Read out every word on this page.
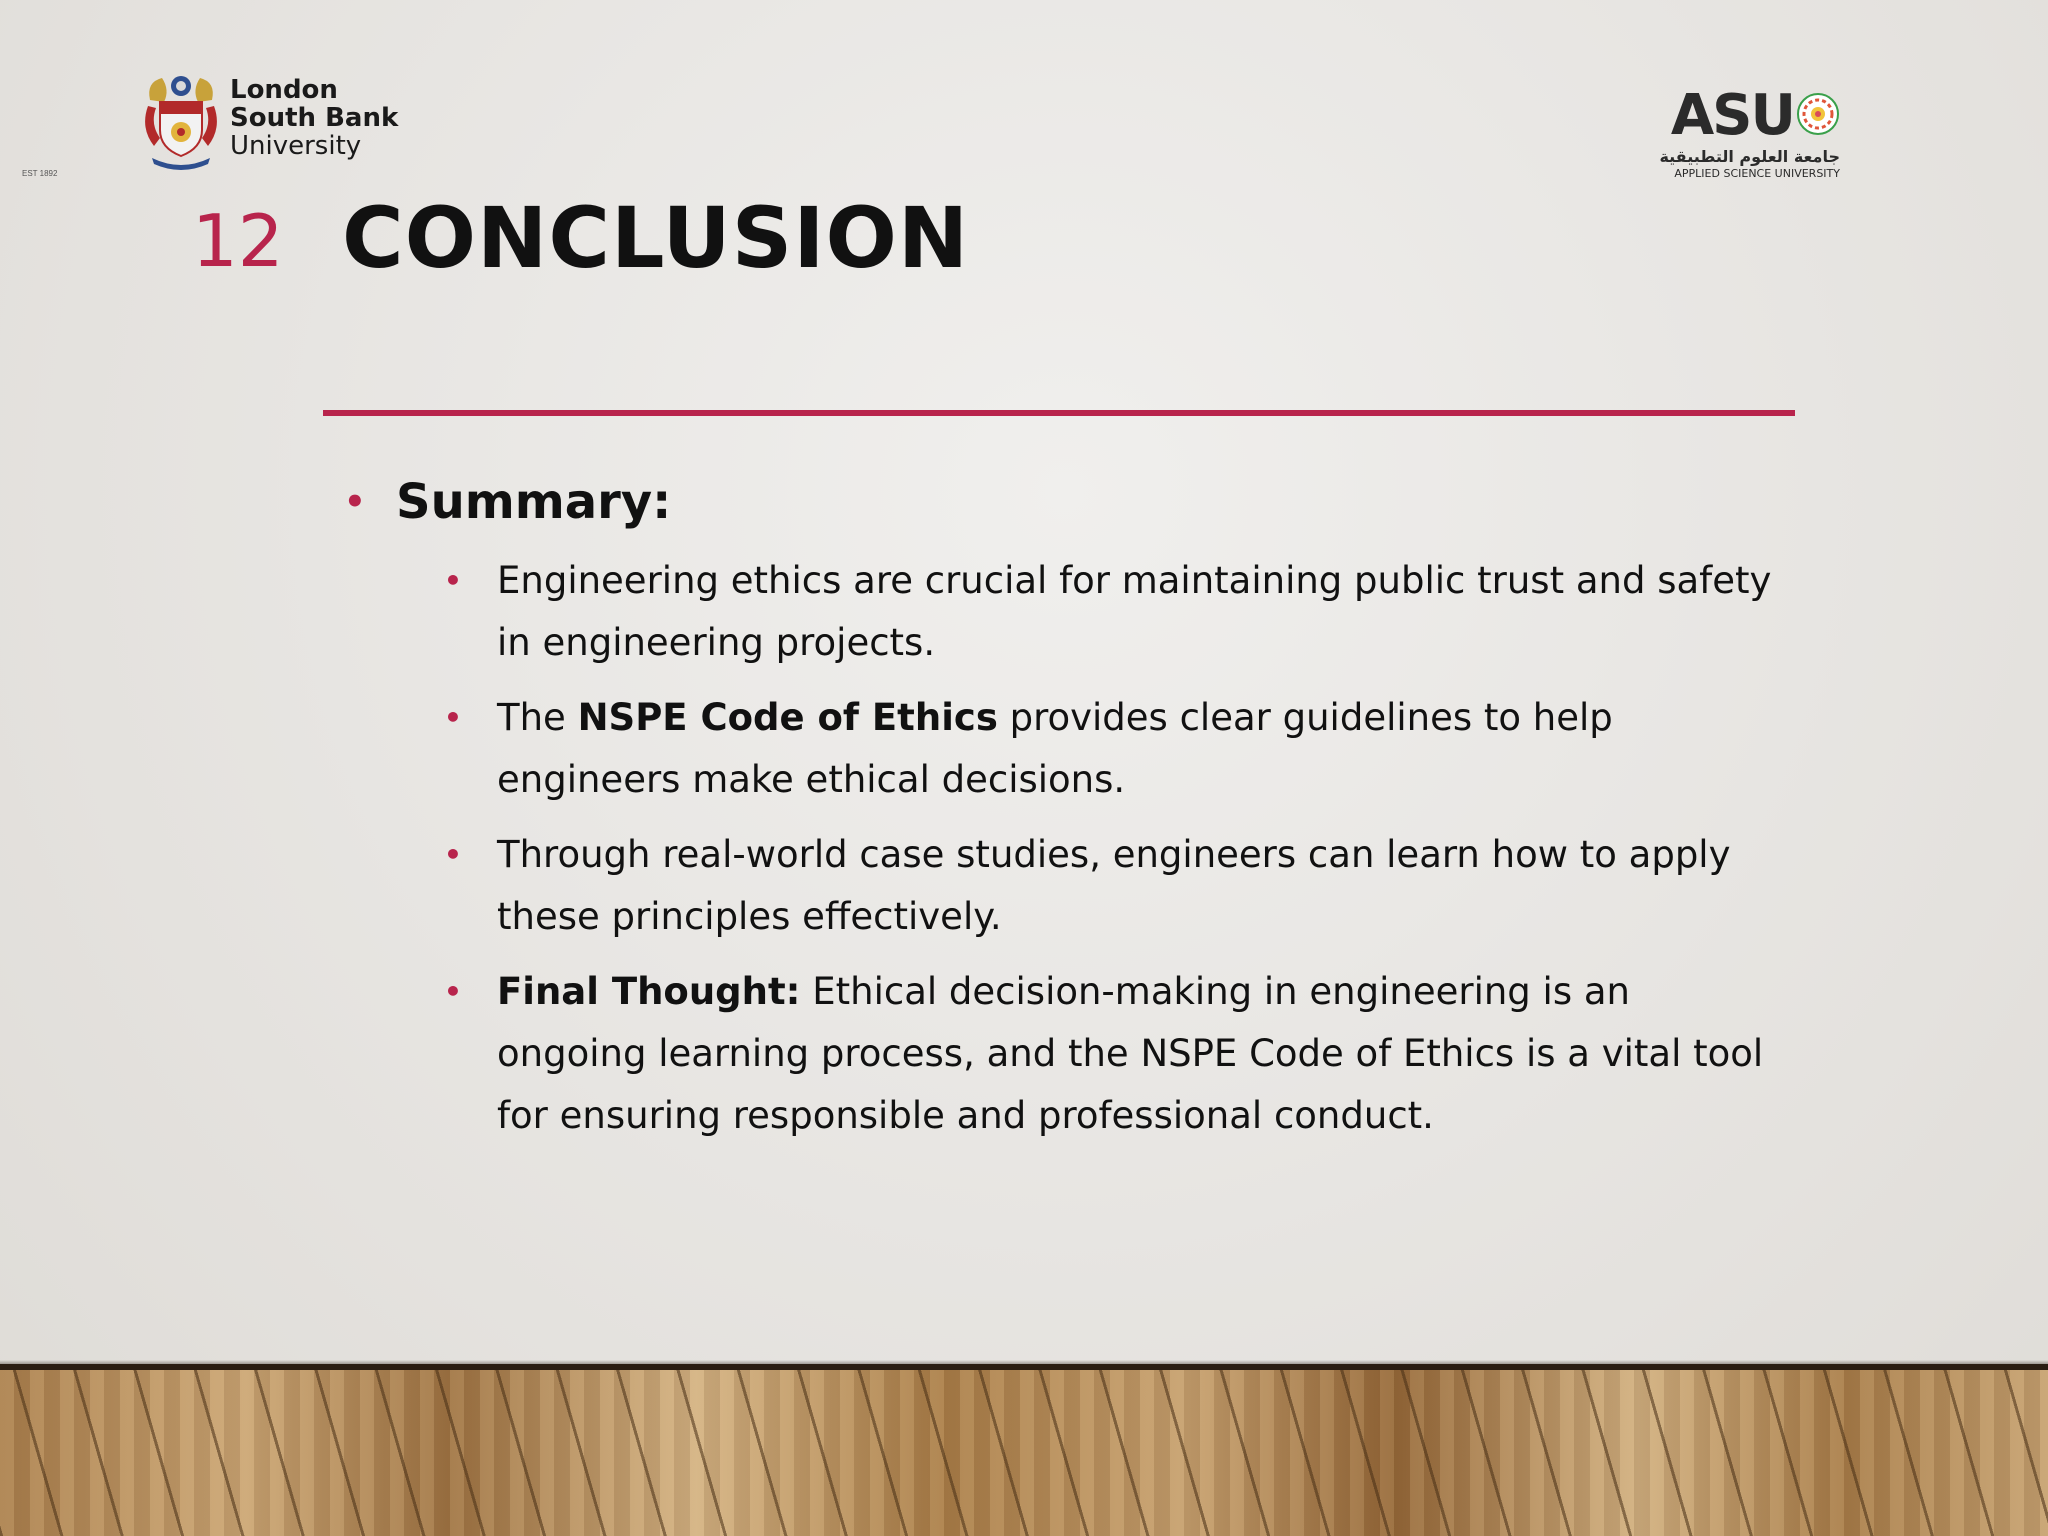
London
South Bank
University
EST 1892
ASU
جامعة العلوم التطبيقية
APPLIED SCIENCE UNIVERSITY
12 CONCLUSION
• Summary:
• Engineering ethics are crucial for maintaining public trust and safety in engineering projects.
• The NSPE Code of Ethics provides clear guidelines to help engineers make ethical decisions.
• Through real-world case studies, engineers can learn how to apply these principles effectively.
• Final Thought: Ethical decision-making in engineering is an ongoing learning process, and the NSPE Code of Ethics is a vital tool for ensuring responsible and professional conduct.
